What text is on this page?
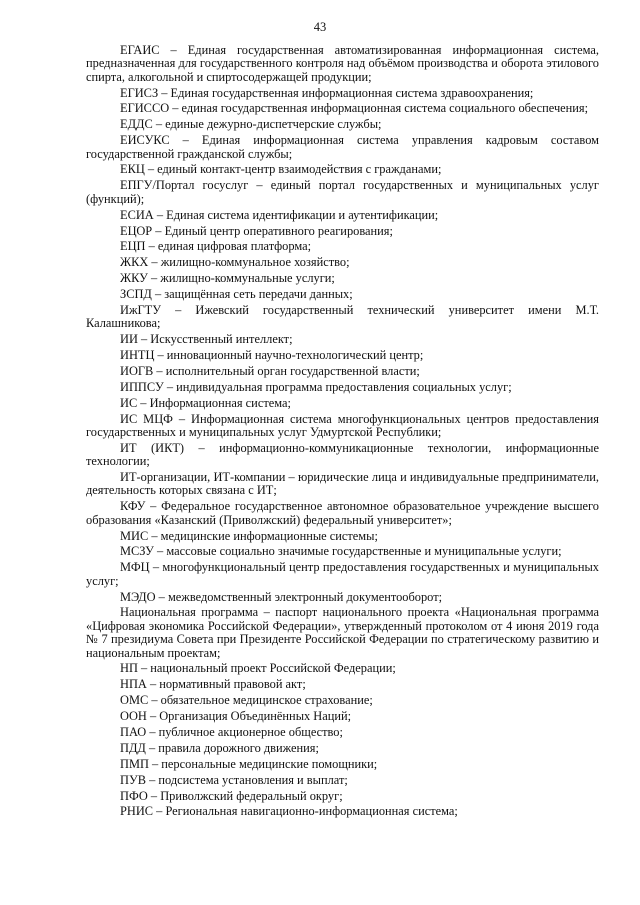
43

ЕГАИС – Единая государственная автоматизированная информационная система, предназначенная для государственного контроля над объёмом производства и оборота этилового спирта, алкогольной и спиртосодержащей продукции;

ЕГИСЗ – Единая государственная информационная система здравоохранения;

ЕГИССО – единая государственная информационная система социального обеспечения;

ЕДДС – единые дежурно-диспетчерские службы;

ЕИСУКС – Единая информационная система управления кадровым составом государственной гражданской службы;

ЕКЦ – единый контакт-центр взаимодействия с гражданами;

ЕПГУ/Портал госуслуг – единый портал государственных и муниципальных услуг (функций);

ЕСИА – Единая система идентификации и аутентификации;

ЕЦОР – Единый центр оперативного реагирования;

ЕЦП – единая цифровая платформа;

ЖКХ – жилищно-коммунальное хозяйство;

ЖКУ – жилищно-коммунальные услуги;

ЗСПД – защищённая сеть передачи данных;

ИжГТУ – Ижевский государственный технический университет имени М.Т. Калашникова;

ИИ – Искусственный интеллект;

ИНТЦ – инновационный научно-технологический центр;

ИОГВ – исполнительный орган государственной власти;

ИППСУ – индивидуальная программа предоставления социальных услуг;

ИС – Информационная система;

ИС МЦФ – Информационная система многофункциональных центров предоставления государственных и муниципальных услуг Удмуртской Республики;

ИТ (ИКТ) – информационно-коммуникационные технологии, информационные технологии;

ИТ-организации, ИТ-компании – юридические лица и индивидуальные предприниматели, деятельность которых связана с ИТ;

КФУ – Федеральное государственное автономное образовательное учреждение высшего образования «Казанский (Приволжский) федеральный университет»;

МИС – медицинские информационные системы;

МСЗУ – массовые социально значимые государственные и муниципальные услуги;

МФЦ – многофункциональный центр предоставления государственных и муниципальных услуг;

МЭДО – межведомственный электронный документооборот;

Национальная программа – паспорт национального проекта «Национальная программа «Цифровая экономика Российской Федерации», утвержденный протоколом от 4 июня 2019 года № 7 президиума Совета при Президенте Российской Федерации по стратегическому развитию и национальным проектам;

НП – национальный проект Российской Федерации;

НПА – нормативный правовой акт;

ОМС – обязательное медицинское страхование;

ООН – Организация Объединённых Наций;

ПАО – публичное акционерное общество;

ПДД – правила дорожного движения;

ПМП – персональные медицинские помощники;

ПУВ – подсистема установления и выплат;

ПФО – Приволжский федеральный округ;

РНИС – Региональная навигационно-информационная система;
